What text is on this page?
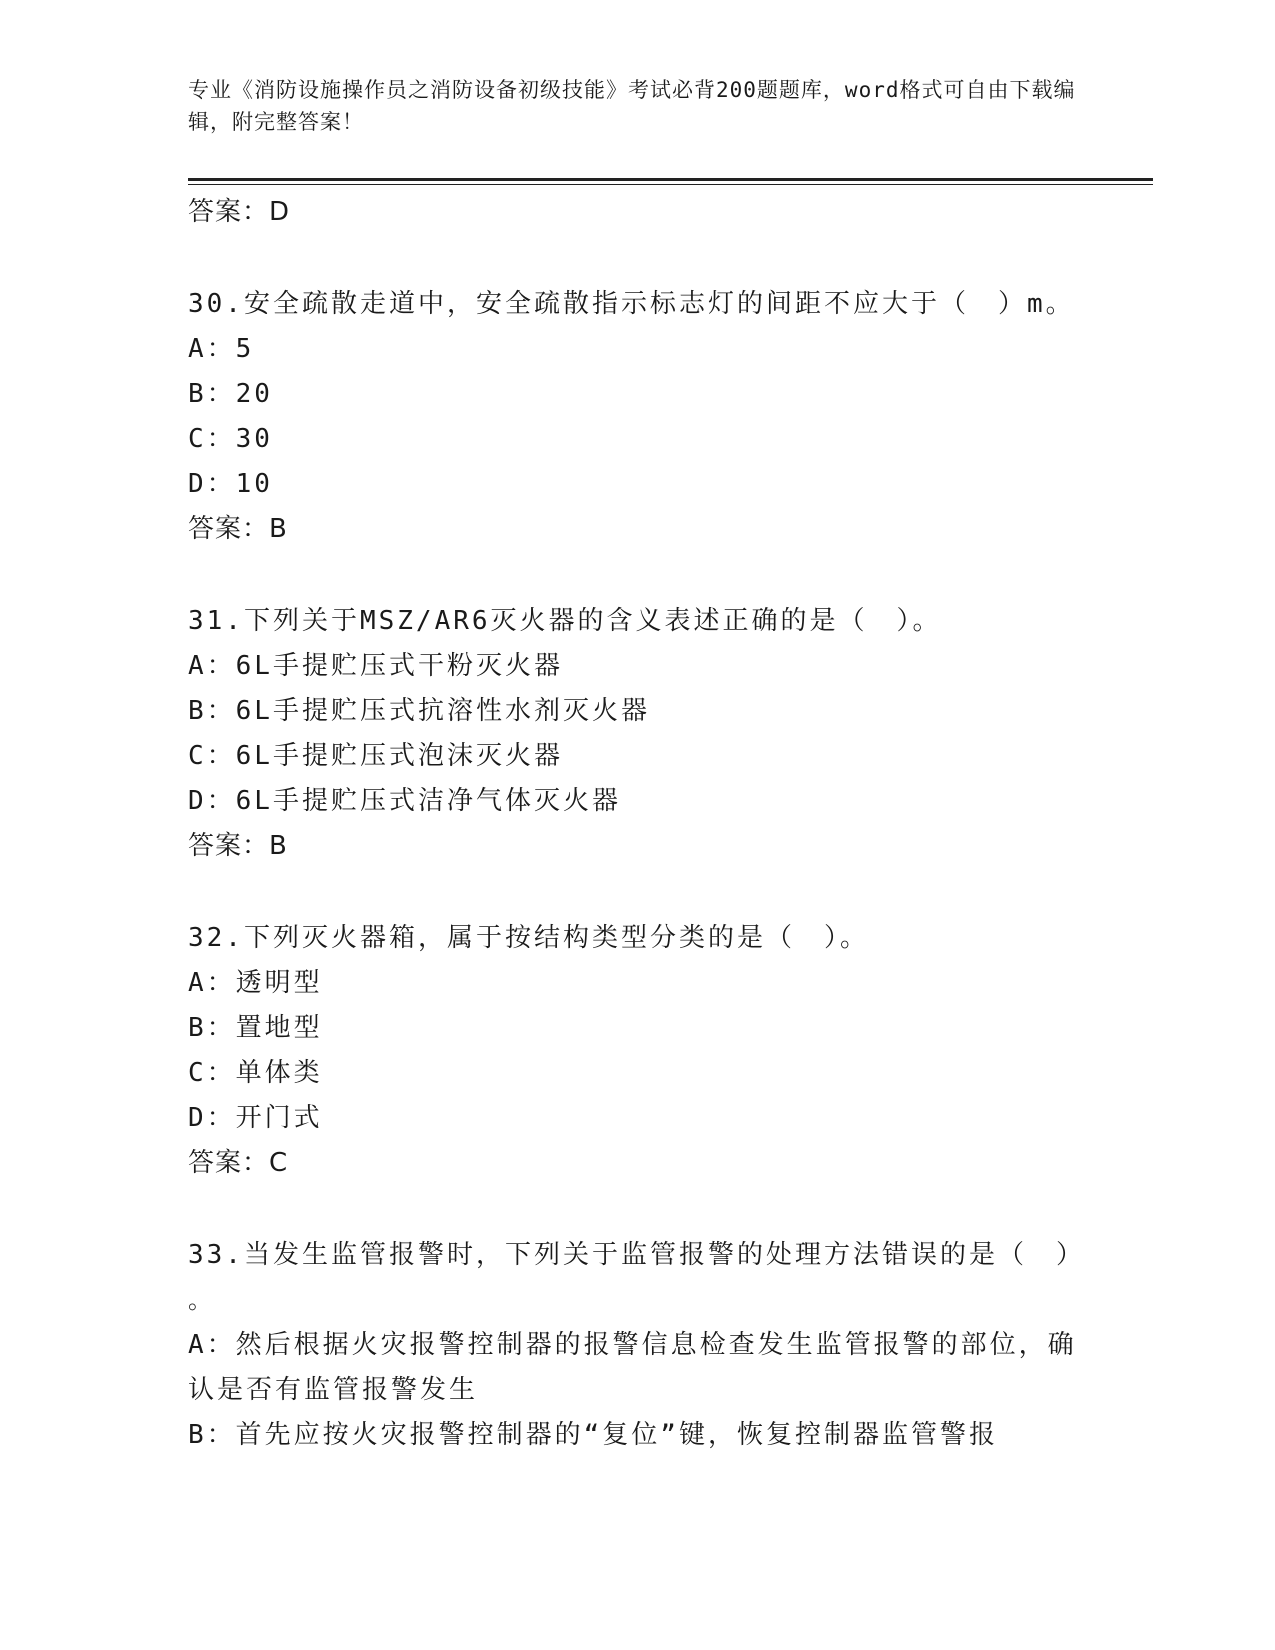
专业《消防设施操作员之消防设备初级技能》考试必背200题题库，word格式可自由下载编辑，附完整答案！
答案：D
30.安全疏散走道中，安全疏散指示标志灯的间距不应大于（　）m。
A：5
B：20
C：30
D：10
答案：B
31.下列关于MSZ/AR6灭火器的含义表述正确的是（　）。
A：6L手提贮压式干粉灭火器
B：6L手提贮压式抗溶性水剂灭火器
C：6L手提贮压式泡沫灭火器
D：6L手提贮压式洁净气体灭火器
答案：B
32.下列灭火器箱，属于按结构类型分类的是（　）。
A：透明型
B：置地型
C：单体类
D：开门式
答案：C
33.当发生监管报警时，下列关于监管报警的处理方法错误的是（　）
。
A：然后根据火灾报警控制器的报警信息检查发生监管报警的部位，确认是否有监管报警发生
B：首先应按火灾报警控制器的“复位”键，恢复控制器监管警报
